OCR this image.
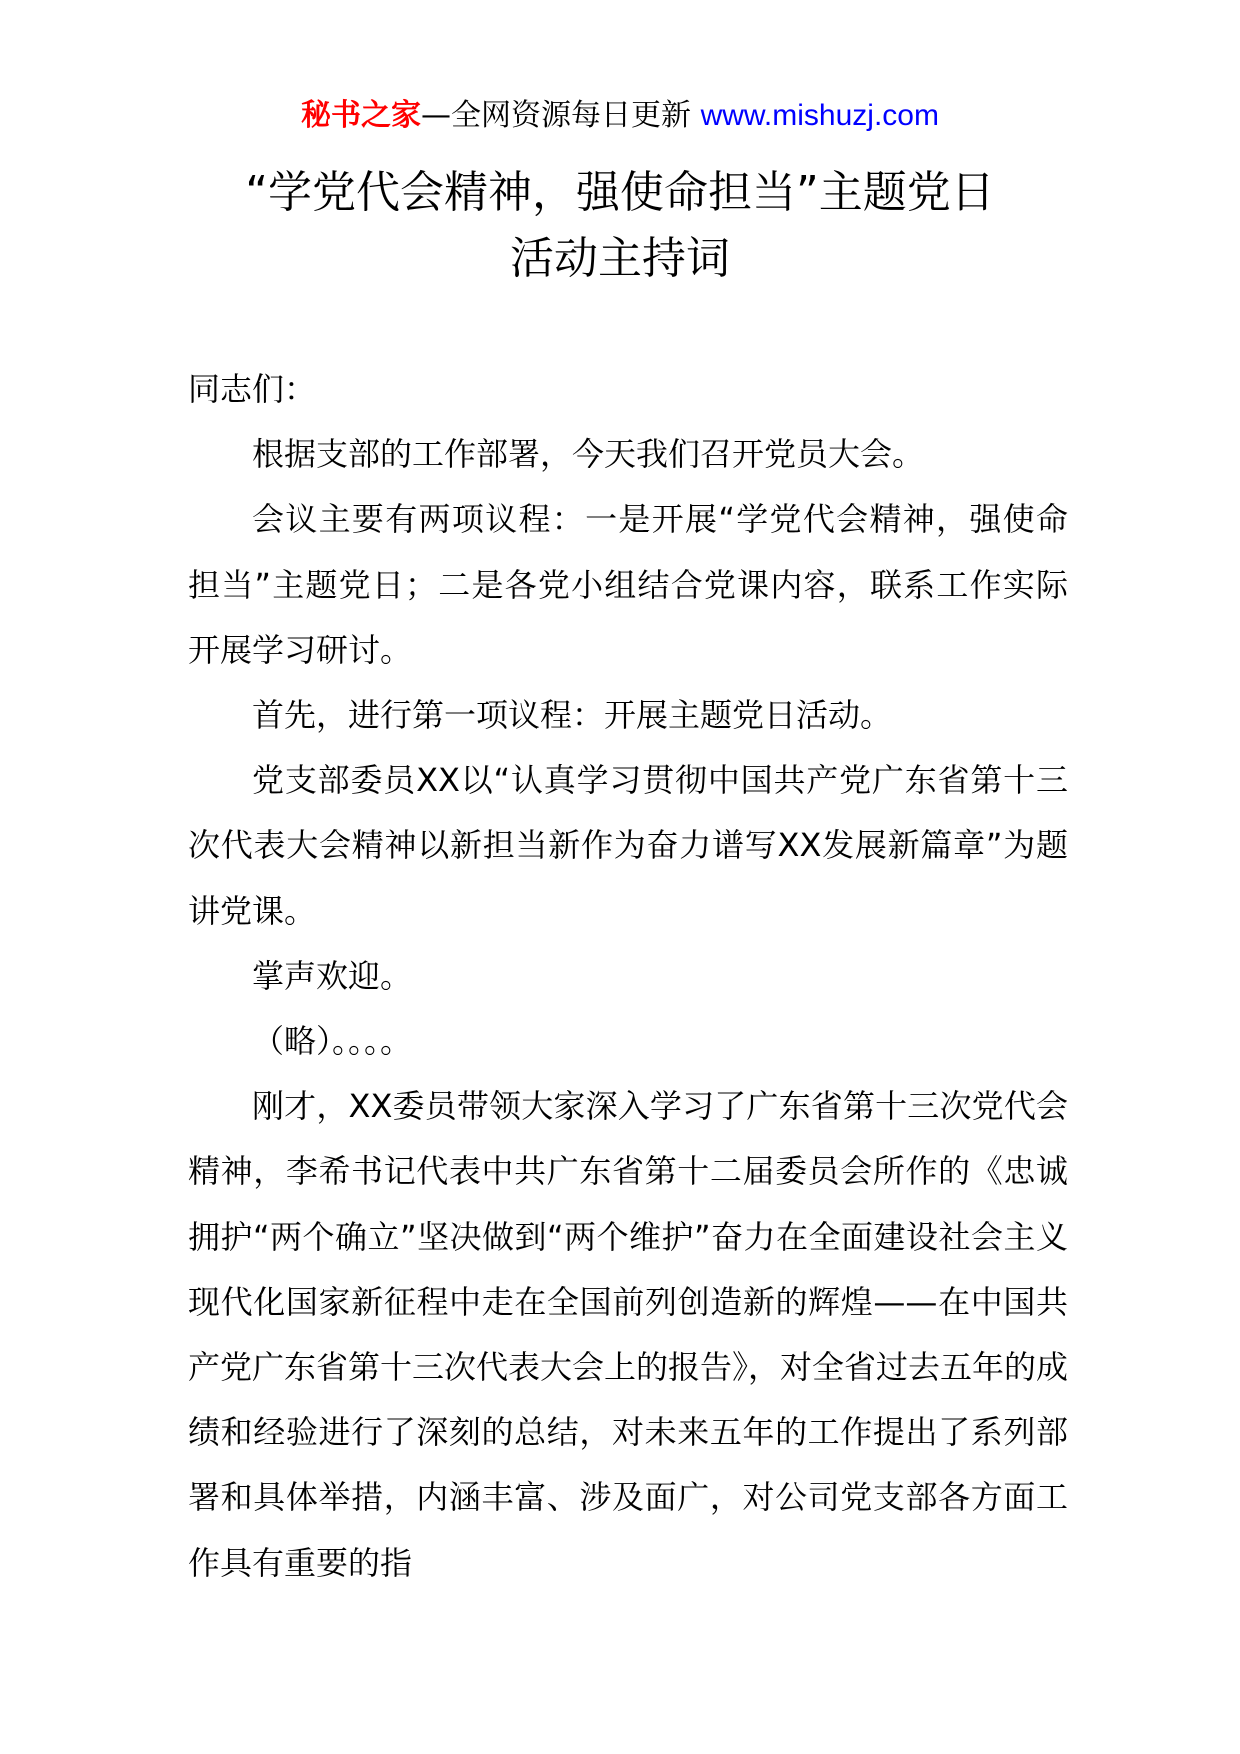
秘书之家—全网资源每日更新 www.mishuzj.com
“学党代会精神，强使命担当”主题党日
活动主持词

同志们：

根据支部的工作部署，今天我们召开党员大会。

会议主要有两项议程：一是开展“学党代会精神，强使命担当”主题党日；二是各党小组结合党课内容，联系工作实际开展学习研讨。

首先，进行第一项议程：开展主题党日活动。

党支部委员XX以“认真学习贯彻中国共产党广东省第十三次代表大会精神以新担当新作为奋力谱写XX发展新篇章”为题讲党课。

掌声欢迎。

（略）。。。。

刚才，XX委员带领大家深入学习了广东省第十三次党代会精神，李希书记代表中共广东省第十二届委员会所作的《忠诚拥护“两个确立”坚决做到“两个维护”奋力在全面建设社会主义现代化国家新征程中走在全国前列创造新的辉煌——在中国共产党广东省第十三次代表大会上的报告》，对全省过去五年的成绩和经验进行了深刻的总结，对未来五年的工作提出了系列部署和具体举措，内涵丰富、涉及面广，对公司党支部各方面工作具有重要的指
